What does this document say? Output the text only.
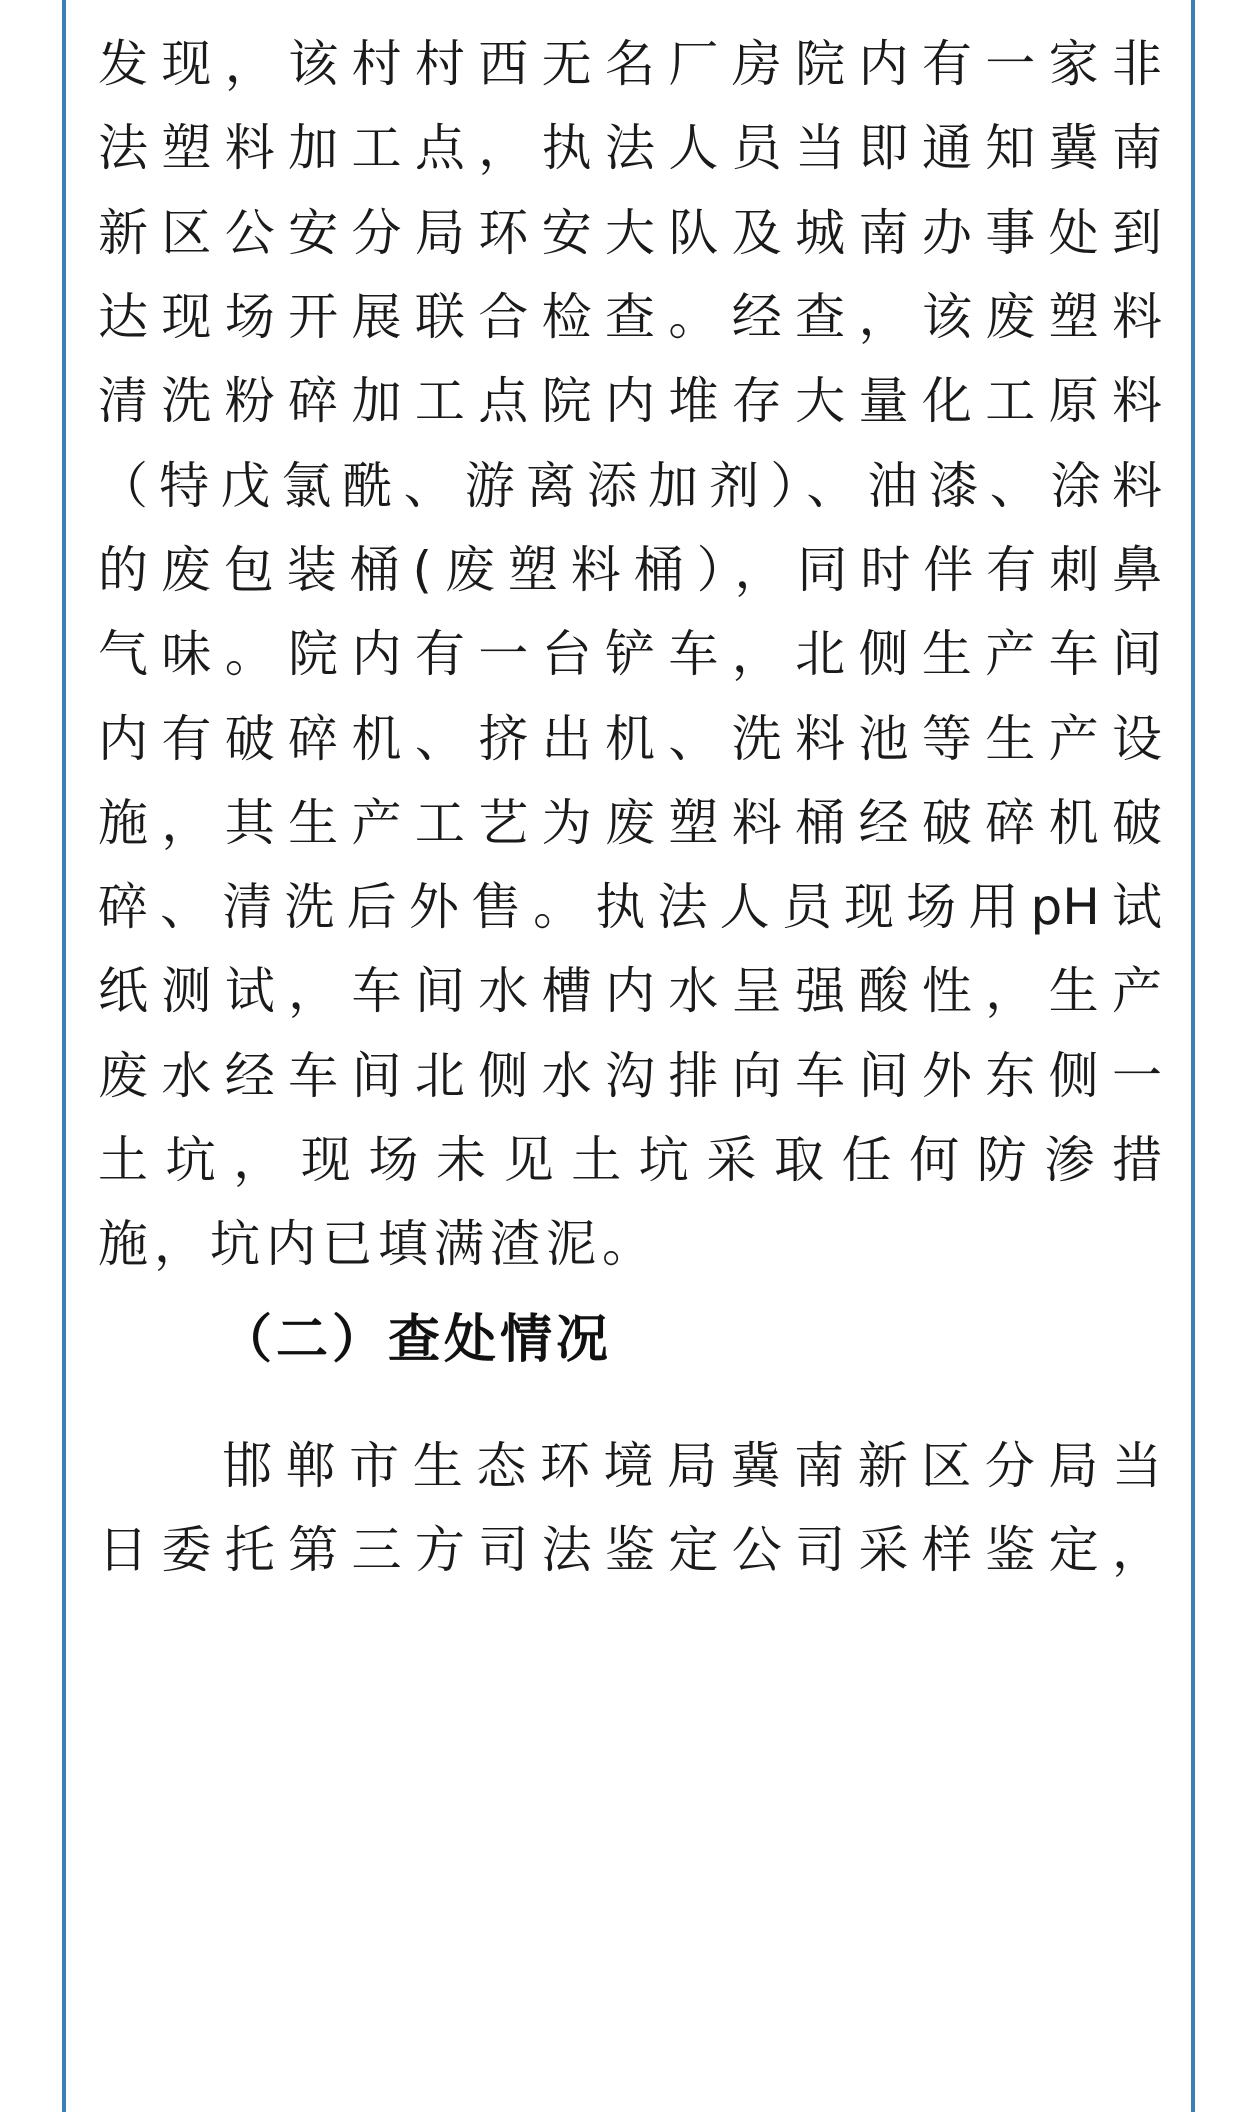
发现，该村村西无名厂房院内有一家非
法塑料加工点，执法人员当即通知冀南
新区公安分局环安大队及城南办事处到
达现场开展联合检查。经查，该废塑料
清洗粉碎加工点院内堆存大量化工原料
（特戊氯酰、游离添加剂）、油漆、涂料
的废包装桶(废塑料桶），同时伴有刺鼻
气味。院内有一台铲车，北侧生产车间
内有破碎机、挤出机、洗料池等生产设
施，其生产工艺为废塑料桶经破碎机破
碎、清洗后外售。执法人员现场用pH试
纸测试，车间水槽内水呈强酸性，生产
废水经车间北侧水沟排向车间外东侧一
土坑，现场未见土坑采取任何防渗措
施，坑内已填满渣泥。
（二）查处情况
邯郸市生态环境局冀南新区分局当
日委托第三方司法鉴定公司采样鉴定，
